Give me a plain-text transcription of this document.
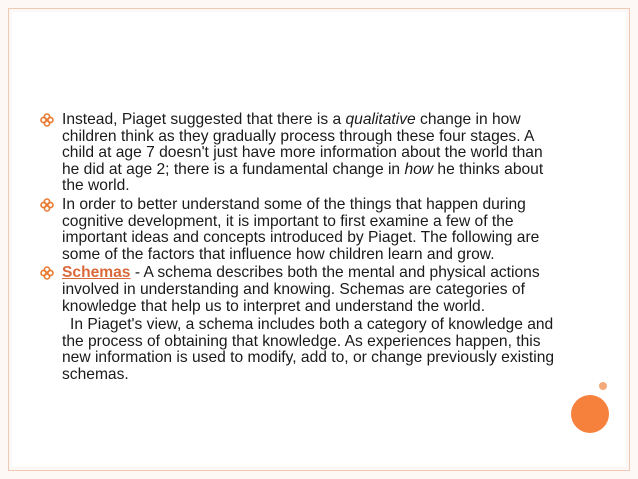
Instead, Piaget suggested that there is a qualitative change in how children think as they gradually process through these four stages. A child at age 7 doesn't just have more information about the world than he did at age 2; there is a fundamental change in how he thinks about the world.
In order to better understand some of the things that happen during cognitive development, it is important to first examine a few of the important ideas and concepts introduced by Piaget. The following are some of the factors that influence how children learn and grow.
Schemas - A schema describes both the mental and physical actions involved in understanding and knowing. Schemas are categories of knowledge that help us to interpret and understand the world.
In Piaget's view, a schema includes both a category of knowledge and the process of obtaining that knowledge. As experiences happen, this new information is used to modify, add to, or change previously existing schemas.
